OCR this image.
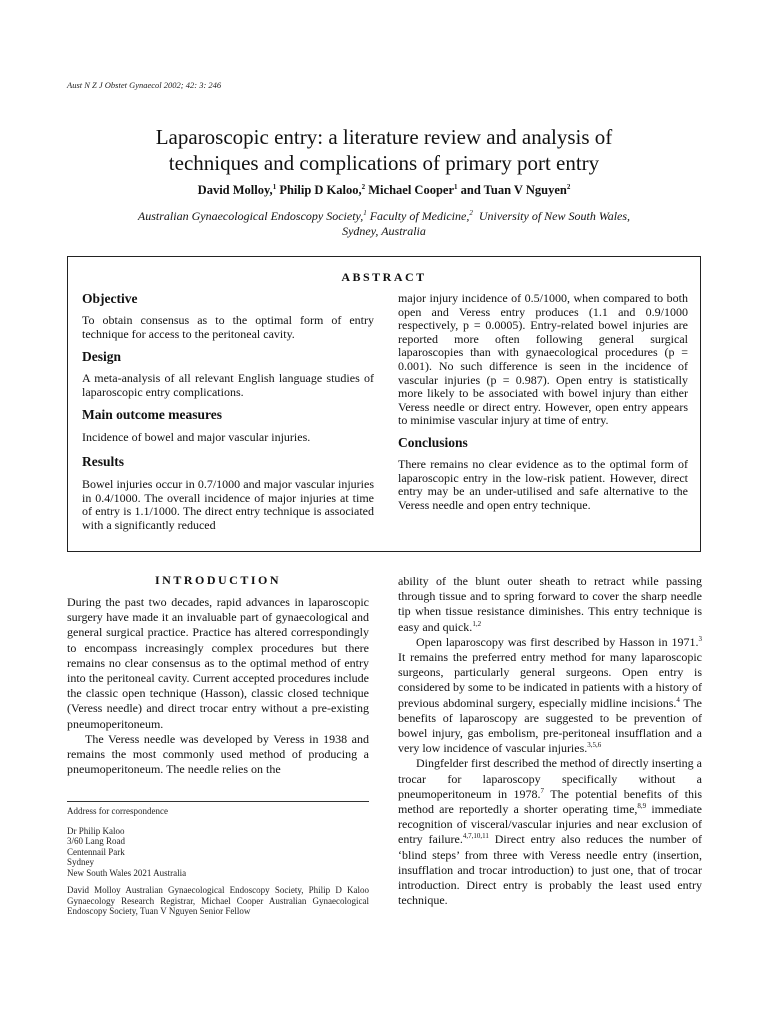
Aust N Z J Obstet Gynaecol 2002; 42: 3: 246
Laparoscopic entry: a literature review and analysis of
techniques and complications of primary port entry
David Molloy,$^1$ Philip D Kaloo,$^2$ Michael Cooper$^1$ and Tuan V Nguyen$^2$
Australian Gynaecological Endoscopy Society,$^1$ Faculty of Medicine,$^2$  University of New South Wales,
Sydney, Australia
ABSTRACT
Objective

To obtain consensus as to the optimal form of entry technique for access to the peritoneal cavity.

Design

A meta-analysis of all relevant English language studies of laparoscopic entry complications.

Main outcome measures

Incidence of bowel and major vascular injuries.

Results

Bowel injuries occur in 0.7/1000 and major vascular injuries in 0.4/1000. The overall incidence of major injuries at time of entry is 1.1/1000. The direct entry technique is associated with a significantly reduced

major injury incidence of 0.5/1000, when compared to both open and Veress entry produces (1.1 and 0.9/1000 respectively, p = 0.0005). Entry-related bowel injuries are reported more often following general surgical laparoscopies than with gynaecological procedures (p = 0.001). No such difference is seen in the incidence of vascular injuries (p = 0.987). Open entry is statistically more likely to be associated with bowel injury than either Veress needle or direct entry. However, open entry appears to minimise vascular injury at time of entry.

Conclusions

There remains no clear evidence as to the optimal form of laparoscopic entry in the low-risk patient. However, direct entry may be an under-utilised and safe alternative to the Veress needle and open entry technique.

INTRODUCTION

During the past two decades, rapid advances in laparoscopic surgery have made it an invaluable part of gynaecological and general surgical practice. Practice has altered correspondingly to encompass increasingly complex procedures but there remains no clear consensus as to the optimal method of entry into the peritoneal cavity. Current accepted procedures include the classic open technique (Hasson), classic closed technique (Veress needle) and direct trocar entry without a pre-existing pneumoperitoneum.

The Veress needle was developed by Veress in 1938 and remains the most commonly used method of producing a pneumoperitoneum. The needle relies on the

Address for correspondence

Dr Philip Kaloo
3/60 Lang Road
Centennail Park
Sydney
New South Wales 2021 Australia

David Molloy Australian Gynaecological Endoscopy Society, Philip D Kaloo Gynaecology Research Registrar, Michael Cooper Australian Gynaecological Endoscopy Society, Tuan V Nguyen Senior Fellow

ability of the blunt outer sheath to retract while passing through tissue and to spring forward to cover the sharp needle tip when tissue resistance diminishes. This entry technique is easy and quick.$^{1,2}$

Open laparoscopy was first described by Hasson in 1971.$^3$ It remains the preferred entry method for many laparoscopic surgeons, particularly general surgeons. Open entry is considered by some to be indicated in patients with a history of previous abdominal surgery, especially midline incisions.$^4$ The benefits of laparoscopy are suggested to be prevention of bowel injury, gas embolism, pre-peritoneal insufflation and a very low incidence of vascular injuries.$^{3,5,6}$

Dingfelder first described the method of directly inserting a trocar for laparoscopy specifically without a pneumoperitoneum in 1978.$^7$ The potential benefits of this method are reportedly a shorter operating time,$^{8,9}$ immediate recognition of visceral/vascular injuries and near exclusion of entry failure.$^{4,7,10,11}$ Direct entry also reduces the number of ‘blind steps’ from three with Veress needle entry (insertion, insufflation and trocar introduction) to just one, that of trocar introduction. Direct entry is probably the least used entry technique.
